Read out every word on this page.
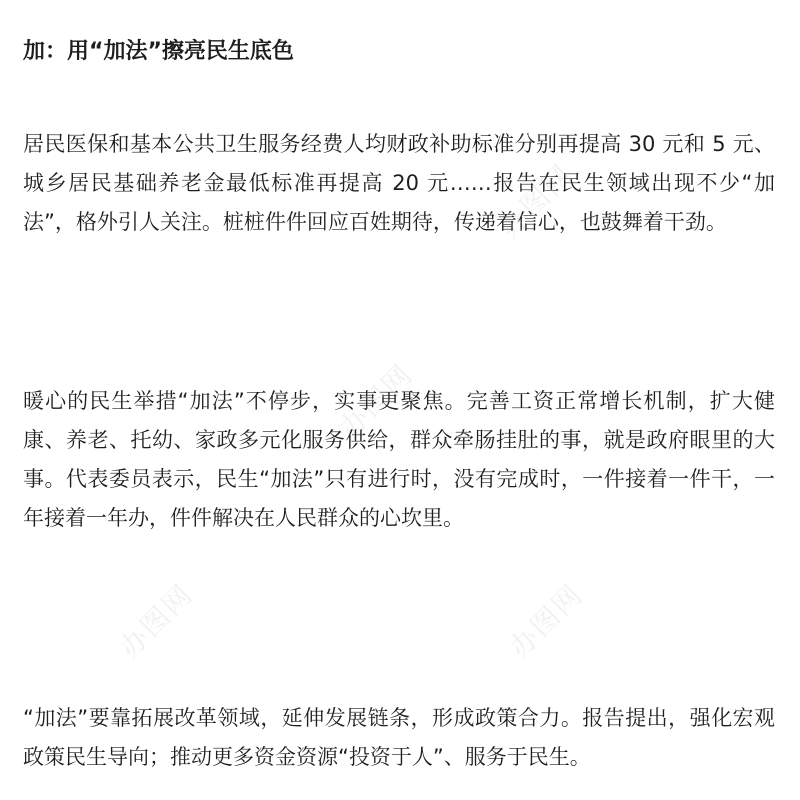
加：用“加法”擦亮民生底色

居民医保和基本公共卫生服务经费人均财政补助标准分别再提高 30 元和 5 元、城乡居民基础养老金最低标准再提高 20 元……报告在民生领域出现不少“加法”，格外引人关注。桩桩件件回应百姓期待，传递着信心，也鼓舞着干劲。

暖心的民生举措“加法”不停步，实事更聚焦。完善工资正常增长机制，扩大健康、养老、托幼、家政多元化服务供给，群众牵肠挂肚的事，就是政府眼里的大事。代表委员表示，民生“加法”只有进行时，没有完成时，一件接着一件干，一年接着一年办，件件解决在人民群众的心坎里。

“加法”要靠拓展改革领域，延伸发展链条，形成政策合力。报告提出，强化宏观政策民生导向；推动更多资金资源“投资于人”、服务于民生。

办图网
办图网
办图网	办图网
